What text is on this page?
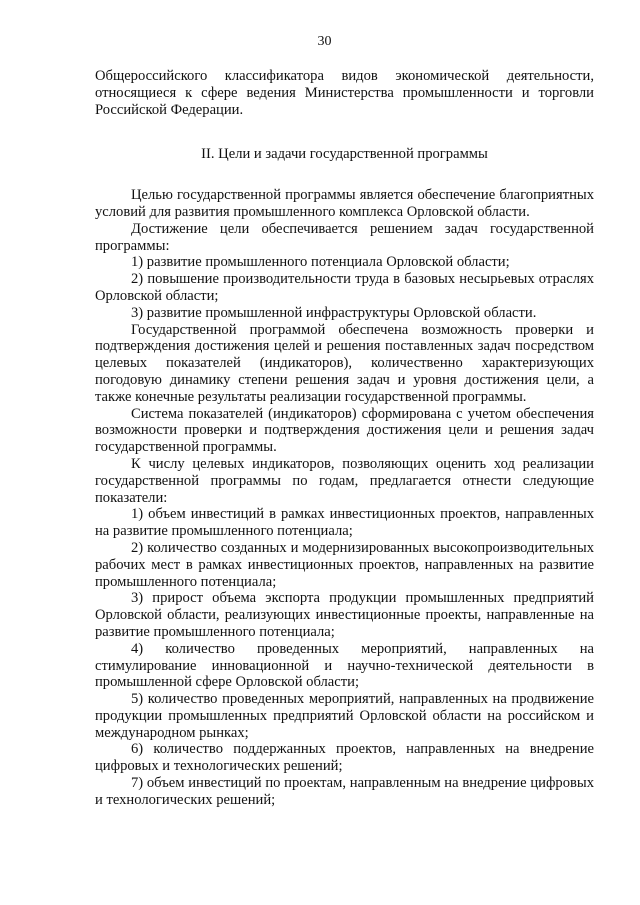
30

Общероссийского классификатора видов экономической деятельности, относящиеся к сфере ведения Министерства промышленности и торговли Российской Федерации.

II. Цели и задачи государственной программы

Целью государственной программы является обеспечение благоприятных условий для развития промышленного комплекса Орловской области.

Достижение цели обеспечивается решением задач государственной программы:

1) развитие промышленного потенциала Орловской области;

2) повышение производительности труда в базовых несырьевых отраслях Орловской области;

3) развитие промышленной инфраструктуры Орловской области.

Государственной программой обеспечена возможность проверки и подтверждения достижения целей и решения поставленных задач посредством целевых показателей (индикаторов), количественно характеризующих погодовую динамику степени решения задач и уровня достижения цели, а также конечные результаты реализации государственной программы.

Система показателей (индикаторов) сформирована с учетом обеспечения возможности проверки и подтверждения достижения цели и решения задач государственной программы.

К числу целевых индикаторов, позволяющих оценить ход реализации государственной программы по годам, предлагается отнести следующие показатели:

1) объем инвестиций в рамках инвестиционных проектов, направленных на развитие промышленного потенциала;

2) количество созданных и модернизированных высокопроизводительных рабочих мест в рамках инвестиционных проектов, направленных на развитие промышленного потенциала;

3) прирост объема экспорта продукции промышленных предприятий Орловской области, реализующих инвестиционные проекты, направленные на развитие промышленного потенциала;

4) количество проведенных мероприятий, направленных на стимулирование инновационной и научно-технической деятельности в промышленной сфере Орловской области;

5) количество проведенных мероприятий, направленных на продвижение продукции промышленных предприятий Орловской области на российском и международном рынках;

6) количество поддержанных проектов, направленных на внедрение цифровых и технологических решений;

7) объем инвестиций по проектам, направленным на внедрение цифровых и технологических решений;
